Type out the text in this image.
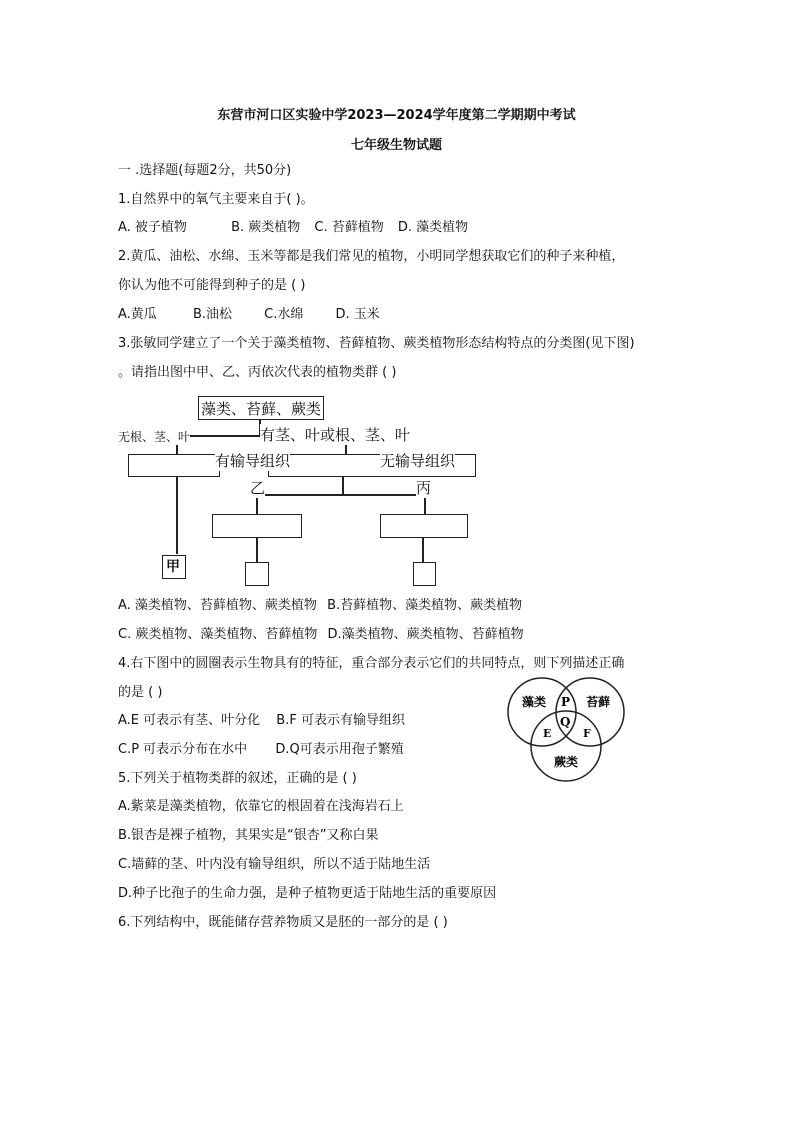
东营市河口区实验中学2023—2024学年度第二学期期中考试
七年级生物试题
一 .选择题(每题2分，共50分)
1.自然界中的氧气主要来自于( )。
A. 被子植物	B. 蕨类植物 C. 苔藓植物 D. 藻类植物
2.黄瓜、油松、水绵、玉米等都是我们常见的植物，小明同学想获取它们的种子来种植，
你认为他不可能得到种子的是 ( )
A.黄瓜	B.油松 C.水绵 D. 玉米
3.张敏同学建立了一个关于藻类植物、苔藓植物、蕨类植物形态结构特点的分类图(见下图)
。请指出图中甲、乙、丙依次代表的植物类群 ( )
藻类、苔藓、蕨类
无根、茎、叶	有茎、叶或根、茎、叶
有输导组织	无输导组织
乙	丙
甲
A. 藻类植物、苔藓植物、蕨类植物 B.苔藓植物、藻类植物、蕨类植物
C. 蕨类植物、藻类植物、苔藓植物 D.藻类植物、蕨类植物、苔藓植物
4.右下图中的圆圈表示生物具有的特征，重合部分表示它们的共同特点，则下列描述正确
的是 ( )
A.E 可表示有茎、叶分化 B.F 可表示有输导组织
C.P 可表示分布在水中 D.Q可表示用孢子繁殖
藻类	苔藓
蕨类
P
Q
E	F
5.下列关于植物类群的叙述，正确的是 ( )
A.紫菜是藻类植物，依靠它的根固着在浅海岩石上
B.银杏是裸子植物，其果实是“银杏”又称白果
C.墙藓的茎、叶内没有输导组织，所以不适于陆地生活
D.种子比孢子的生命力强，是种子植物更适于陆地生活的重要原因
6.下列结构中，既能储存营养物质又是胚的一部分的是 ( )
